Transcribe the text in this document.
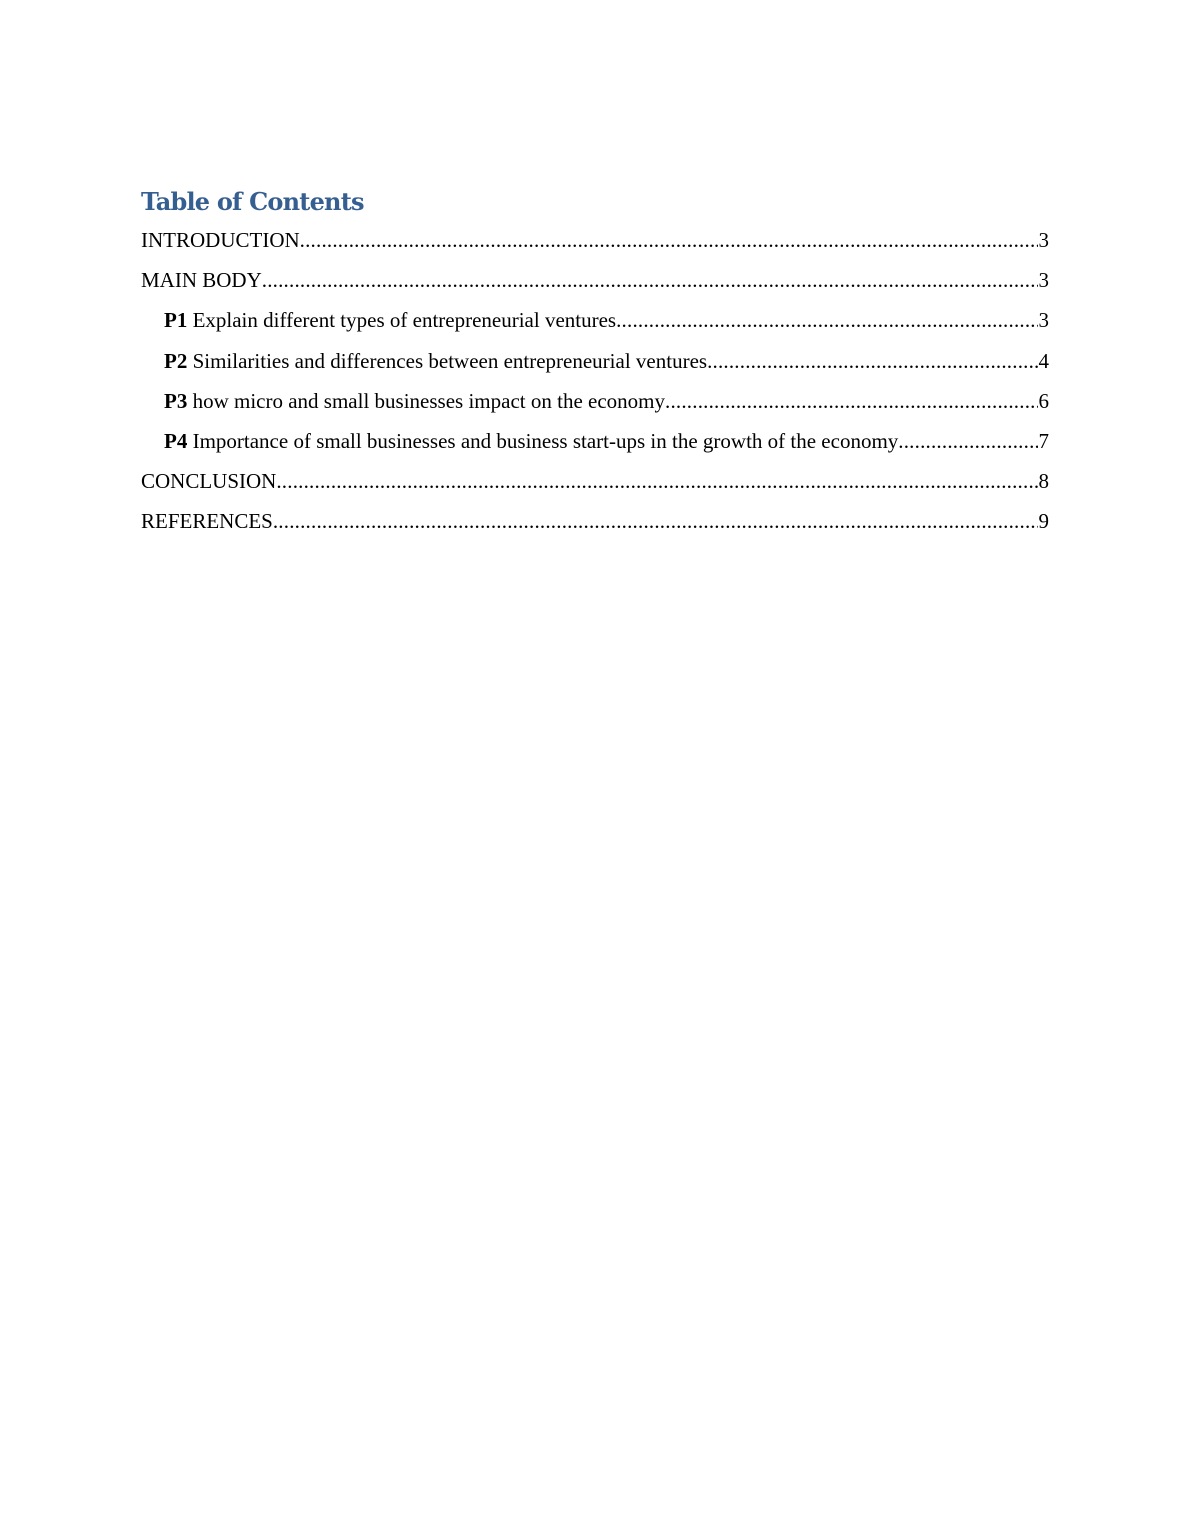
Table of Contents
INTRODUCTION .....	3
MAIN BODY .....	3
P1 Explain different types of entrepreneurial ventures .....	3
P2 Similarities and differences between entrepreneurial ventures .....	4
P3 how micro and small businesses impact on the economy .....	6
P4 Importance of small businesses and business start-ups in the growth of the economy .....	7
CONCLUSION .....	8
REFERENCES .....	9
